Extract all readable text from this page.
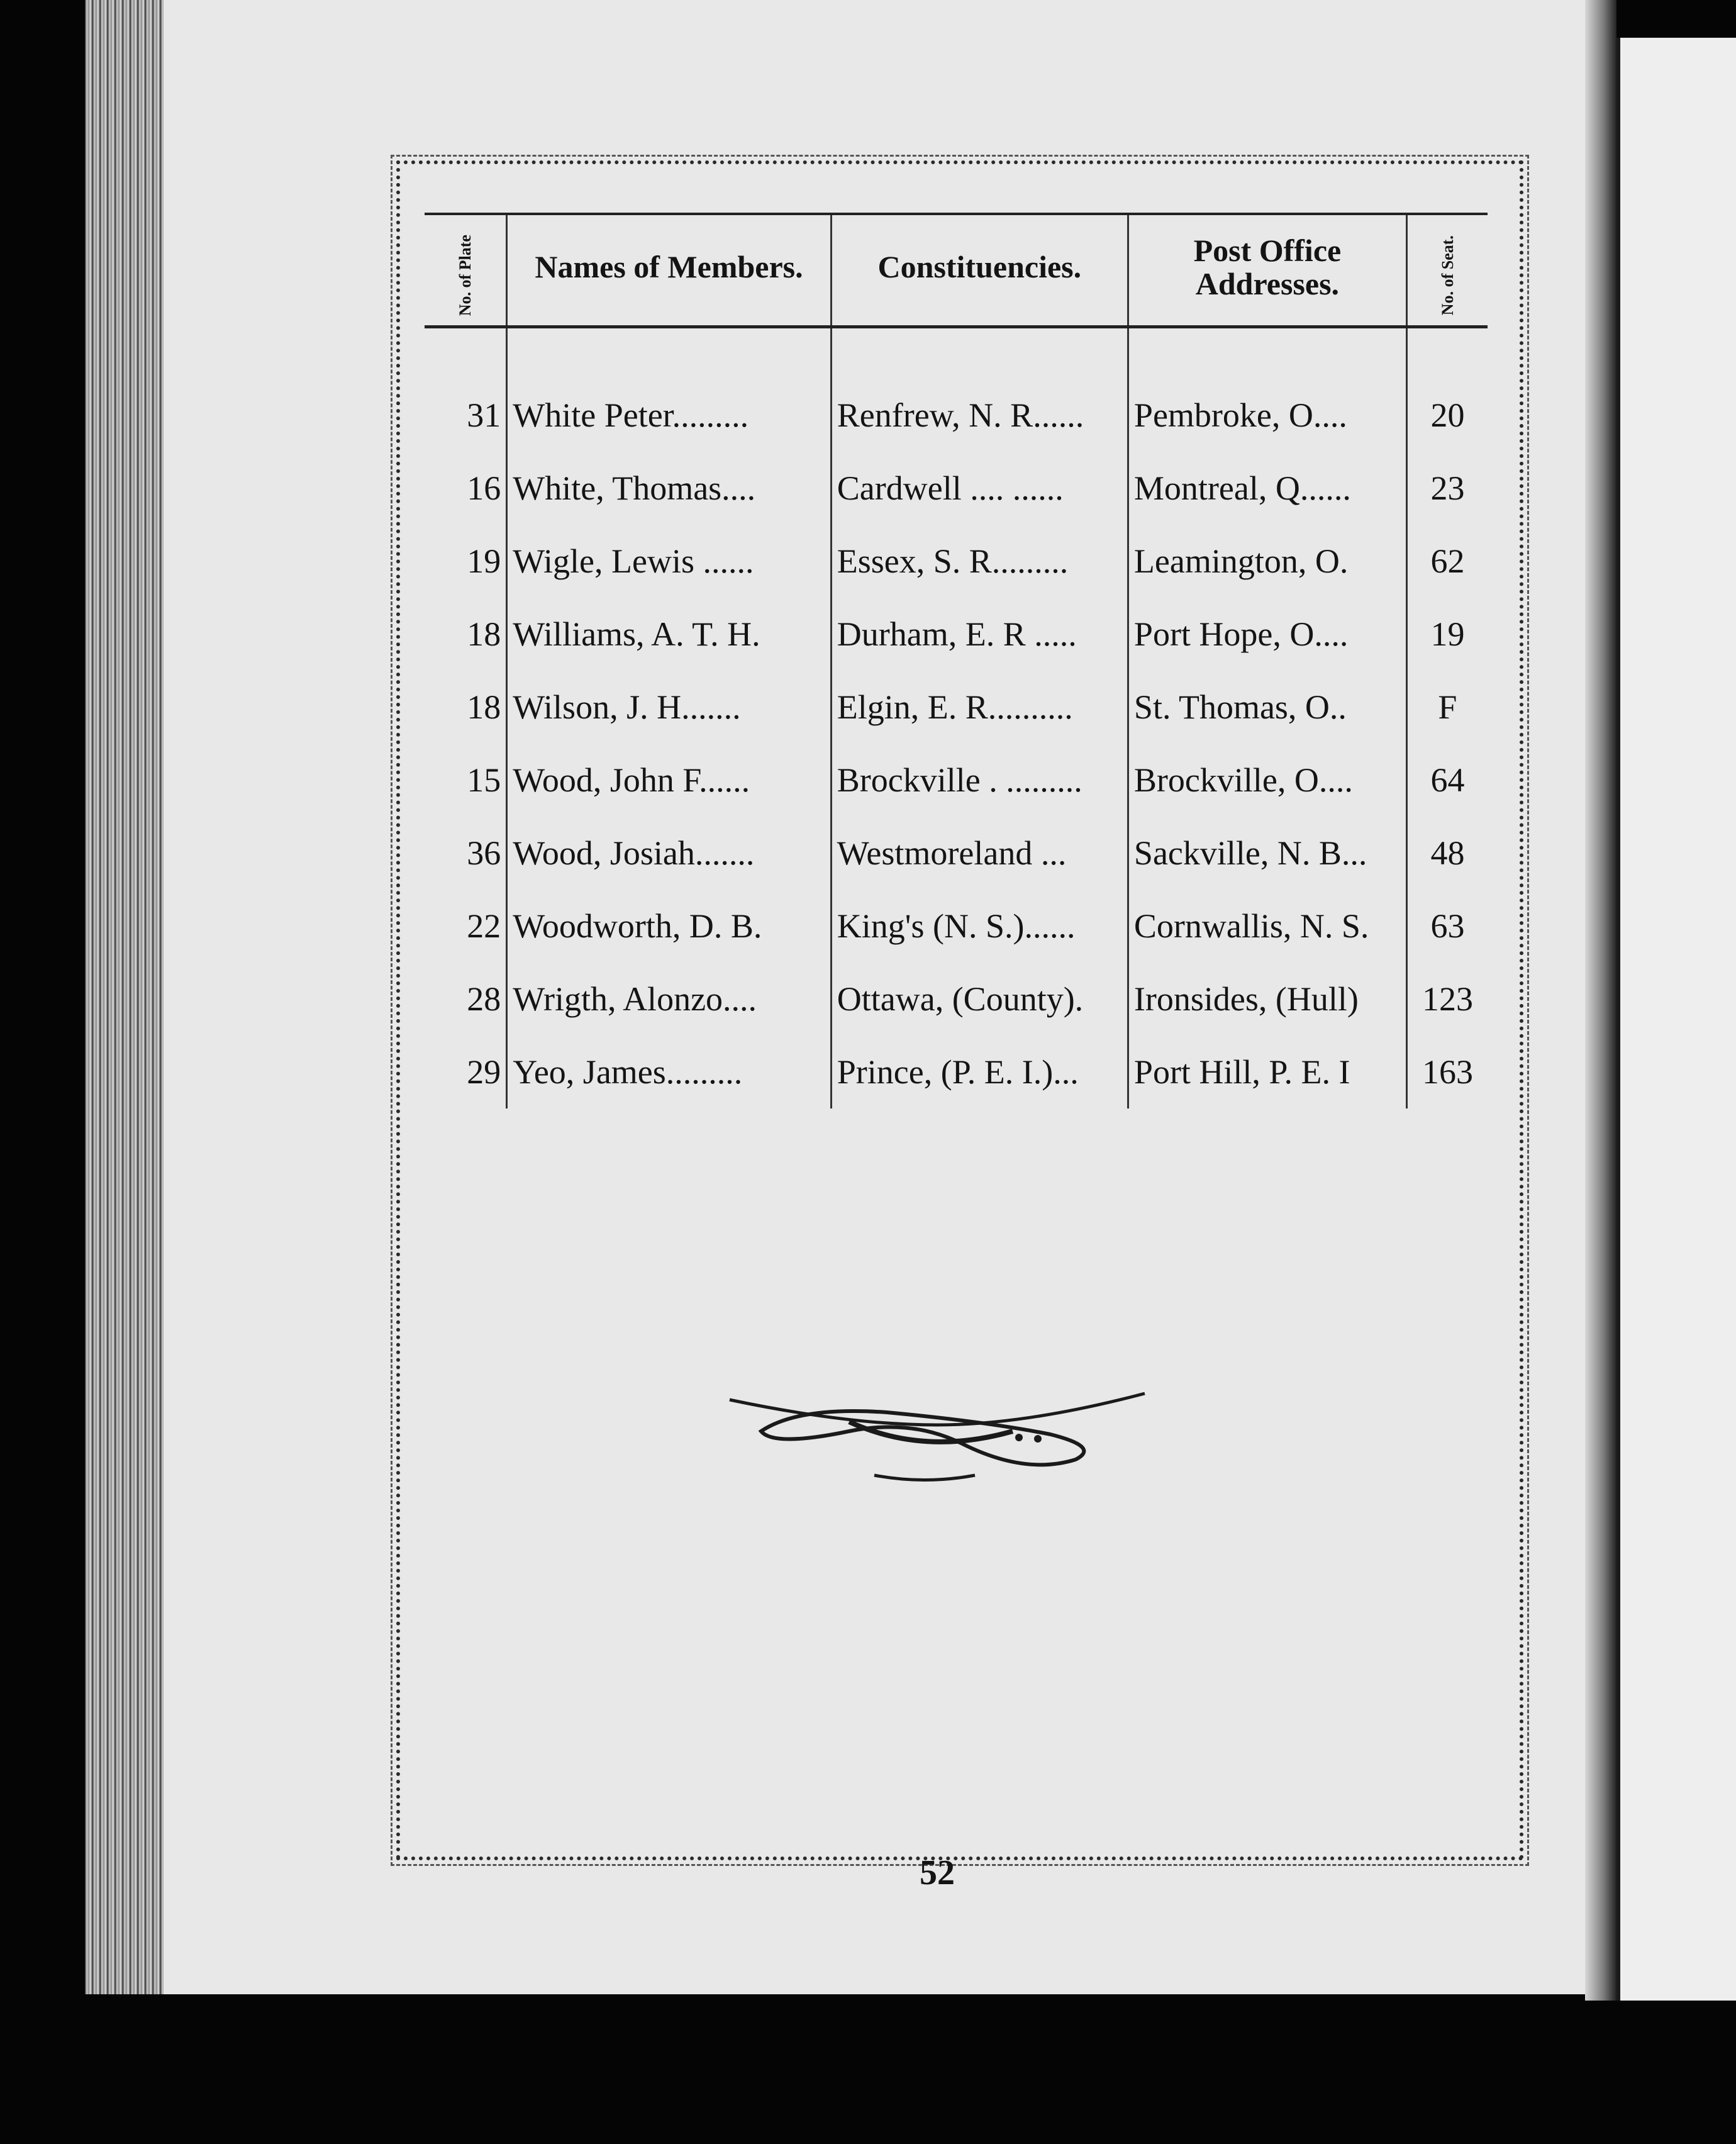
No. of Plate	Names of Members.	Constituencies.	Post Office Addresses.	No. of Seat.
31	White Peter.........	Renfrew, N. R......	Pembroke, O....	20
16	White, Thomas....	Cardwell .... ......	Montreal, Q......	23
19	Wigle, Lewis ......	Essex, S. R.........	Leamington, O.	62
18	Williams, A. T. H.	Durham, E. R .....	Port Hope, O....	19
18	Wilson, J. H.......	Elgin, E. R..........	St. Thomas, O..	F
15	Wood, John F......	Brockville . .........	Brockville, O....	64
36	Wood, Josiah.......	Westmoreland ...	Sackville, N. B...	48
22	Woodworth, D. B.	King's (N. S.)......	Cornwallis, N. S.	63
28	Wrigth, Alonzo....	Ottawa, (County).	Ironsides, (Hull)	123
29	Yeo, James.........	Prince, (P. E. I.)...	Port Hill, P. E. I	163
52
